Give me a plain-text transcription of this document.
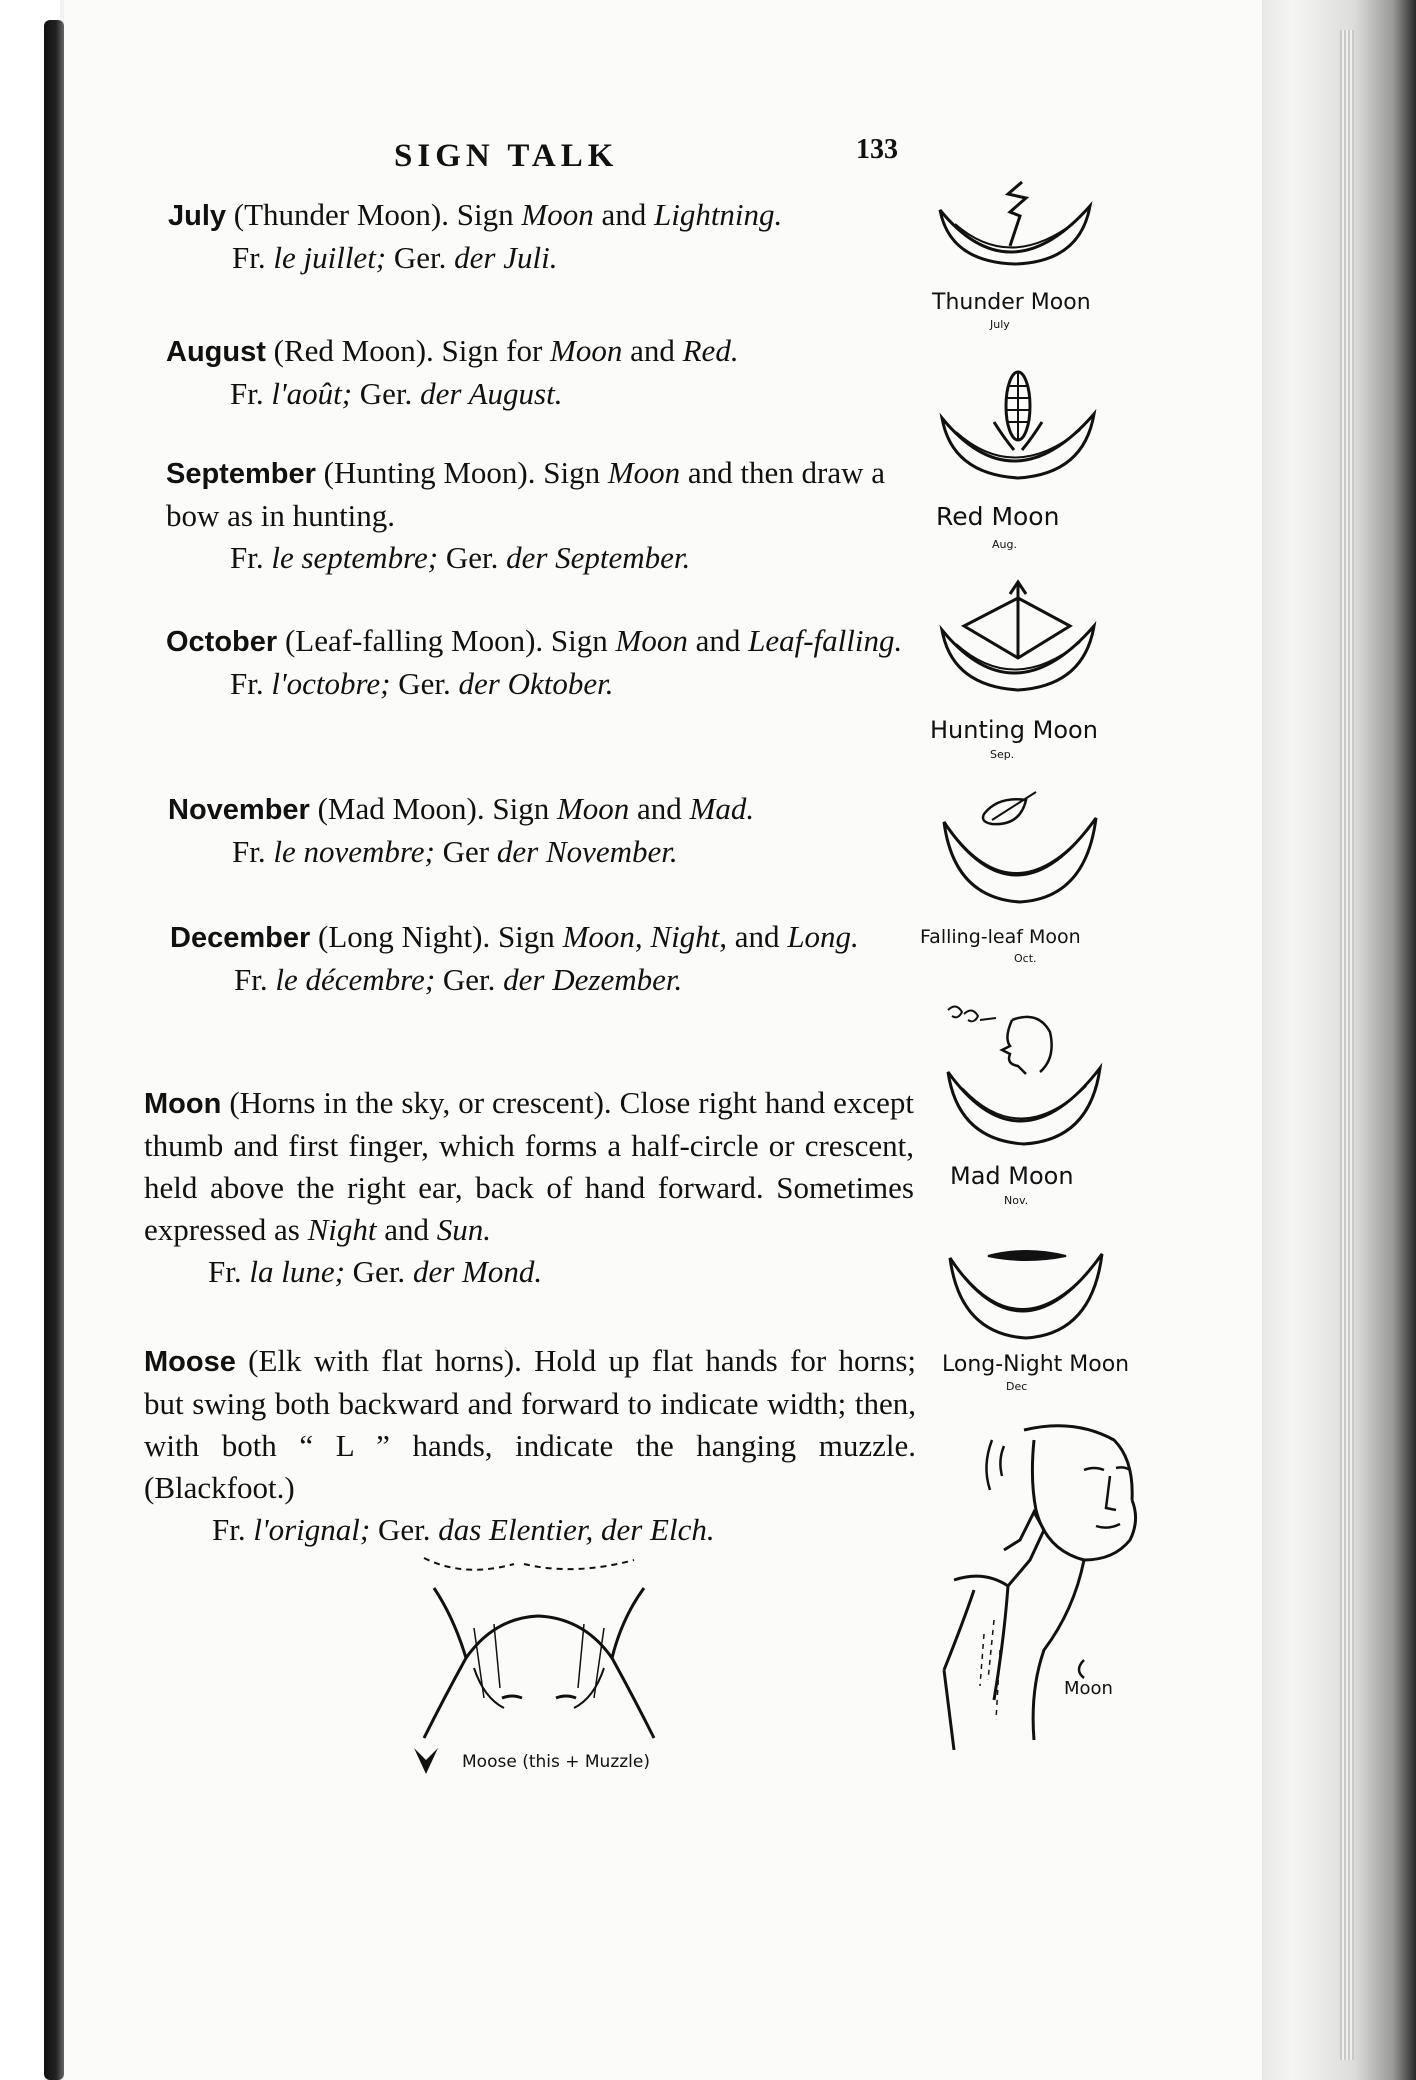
SIGN TALK	133
July (Thunder Moon). Sign Moon and Lightning.
Fr. le juillet; Ger. der Juli.
August (Red Moon). Sign for Moon and Red.
Fr. l'août; Ger. der August.
September (Hunting Moon). Sign Moon and then draw a bow as in hunting.
Fr. le septembre; Ger. der September.
October (Leaf-falling Moon). Sign Moon and Leaf-falling.
Fr. l'octobre; Ger. der Oktober.
November (Mad Moon). Sign Moon and Mad.
Fr. le novembre; Ger der November.
December (Long Night). Sign Moon, Night, and Long.
Fr. le décembre; Ger. der Dezember.
Moon (Horns in the sky, or crescent). Close right hand except thumb and first finger, which forms a half-circle or crescent, held above the right ear, back of hand forward. Sometimes expressed as Night and Sun.
Fr. la lune; Ger. der Mond.
Moose (Elk with flat horns). Hold up flat hands for horns; but swing both backward and forward to indicate width; then, with both “ L ” hands, indicate the hanging muzzle. (Blackfoot.)
Fr. l'orignal; Ger. das Elentier, der Elch.
Thunder Moon
July
Red Moon
Aug.
Hunting Moon
Sep.
Falling-leaf Moon
Oct.
Mad Moon
Nov.
Long-Night Moon
Dec
Moose (this + Muzzle)
Moon
